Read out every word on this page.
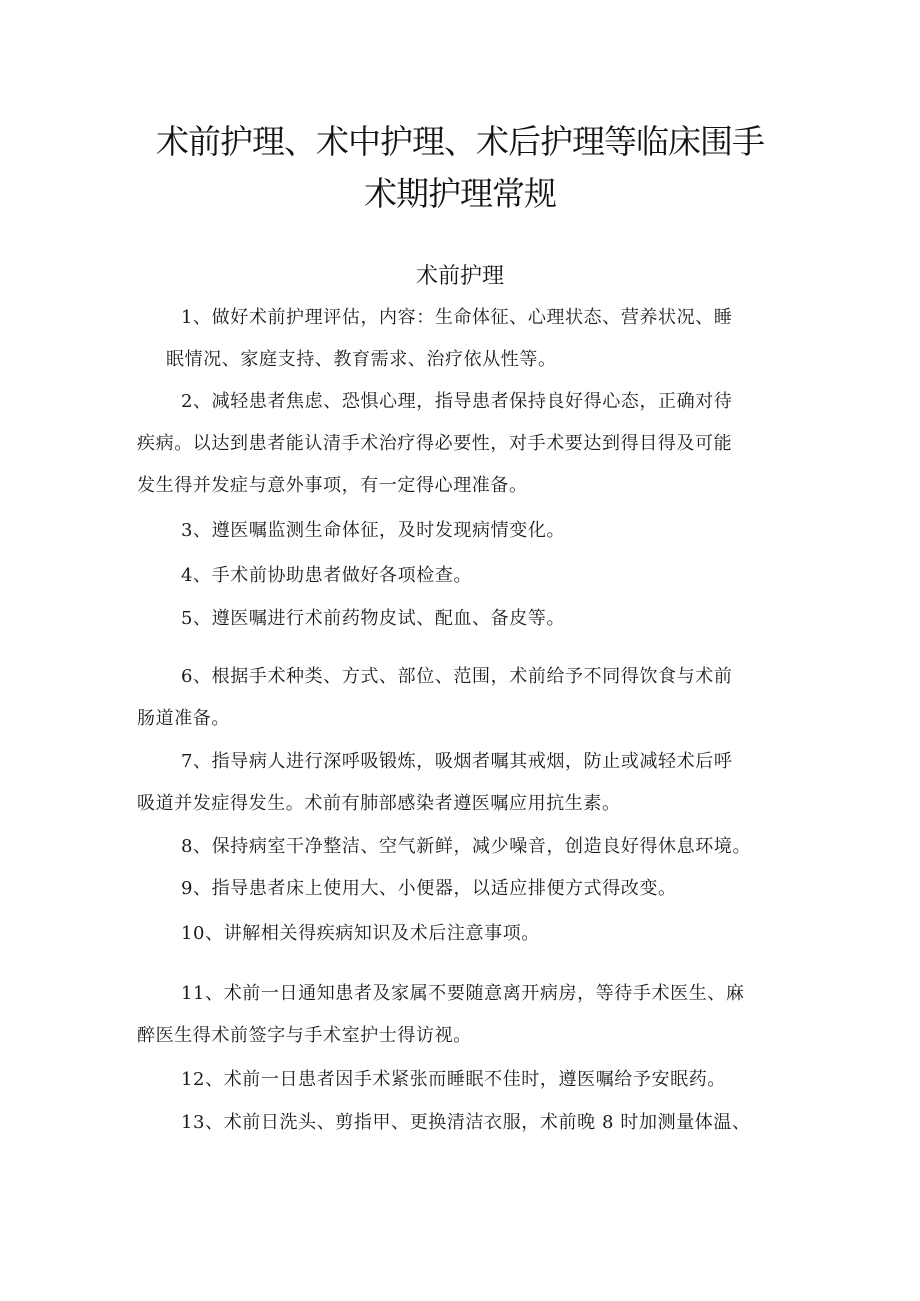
术前护理、术中护理、术后护理等临床围手
术期护理常规
术前护理
1、做好术前护理评估，内容：生命体征、心理状态、营养状况、睡
眠情况、家庭支持、教育需求、治疗依从性等。
2、减轻患者焦虑、恐惧心理，指导患者保持良好得心态，正确对待
疾病。以达到患者能认清手术治疗得必要性，对手术要达到得目得及可能
发生得并发症与意外事项，有一定得心理准备。
3、遵医嘱监测生命体征，及时发现病情变化。
4、手术前协助患者做好各项检查。
5、遵医嘱进行术前药物皮试、配血、备皮等。
6、根据手术种类、方式、部位、范围，术前给予不同得饮食与术前
肠道准备。
7、指导病人进行深呼吸锻炼，吸烟者嘱其戒烟，防止或减轻术后呼
吸道并发症得发生。术前有肺部感染者遵医嘱应用抗生素。
8、保持病室干净整洁、空气新鲜，减少噪音，创造良好得休息环境。
9、指导患者床上使用大、小便器，以适应排便方式得改变。
10、讲解相关得疾病知识及术后注意事项。
11、术前一日通知患者及家属不要随意离开病房，等待手术医生、麻
醉医生得术前签字与手术室护士得访视。
12、术前一日患者因手术紧张而睡眠不佳时，遵医嘱给予安眠药。
13、术前日洗头、剪指甲、更换清洁衣服，术前晚 8 时加测量体温、
